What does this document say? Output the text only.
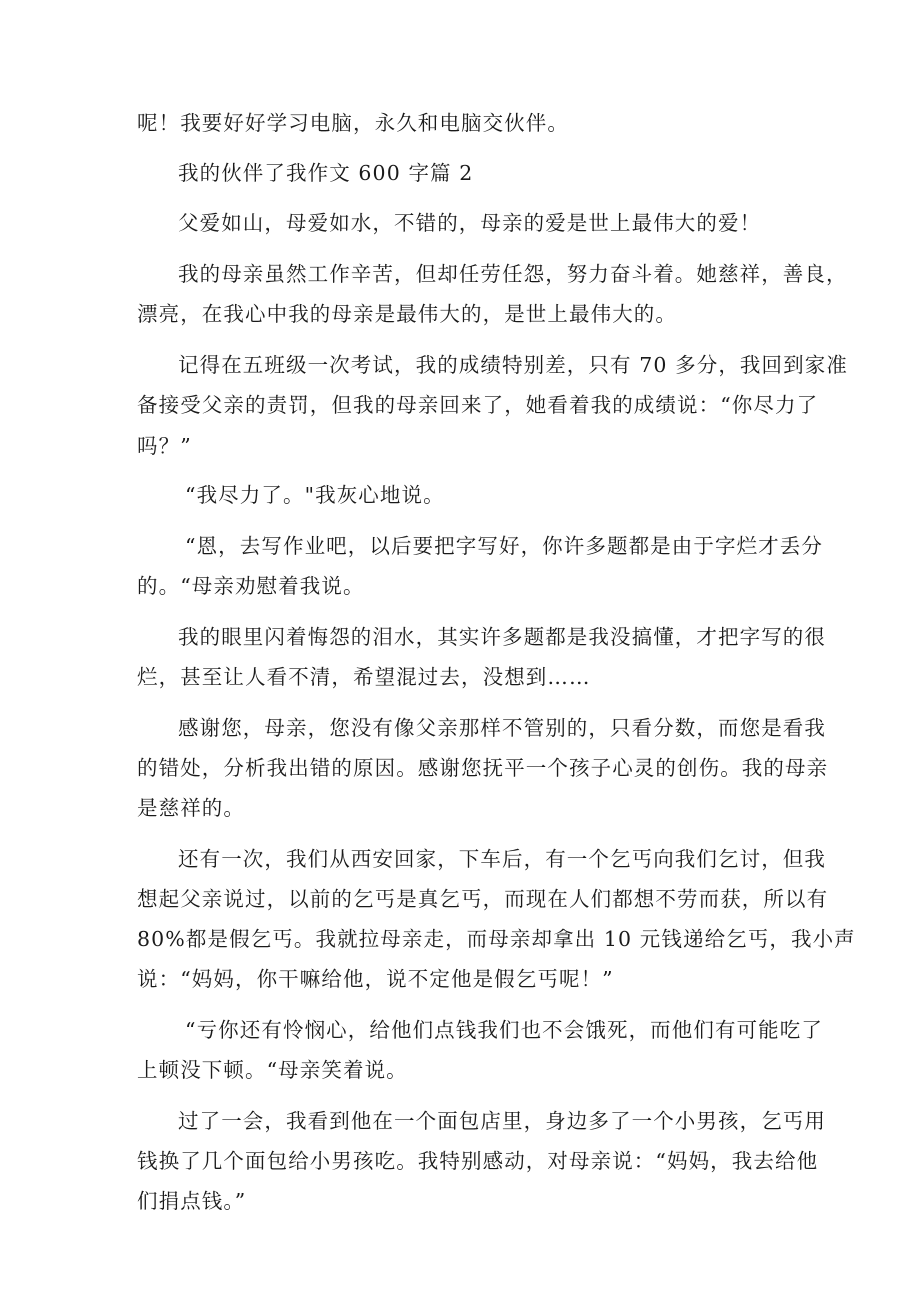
呢！我要好好学习电脑，永久和电脑交伙伴。
我的伙伴了我作文 600 字篇 2
父爱如山，母爱如水，不错的，母亲的爱是世上最伟大的爱！
我的母亲虽然工作辛苦，但却任劳任怨，努力奋斗着。她慈祥，善良，
漂亮，在我心中我的母亲是最伟大的，是世上最伟大的。
记得在五班级一次考试，我的成绩特别差，只有 70 多分，我回到家准
备接受父亲的责罚，但我的母亲回来了，她看着我的成绩说：“你尽力了
吗？”
“我尽力了。"我灰心地说。
“恩，去写作业吧，以后要把字写好，你许多题都是由于字烂才丢分
的。“母亲劝慰着我说。
我的眼里闪着悔怨的泪水，其实许多题都是我没搞懂，才把字写的很
烂，甚至让人看不清，希望混过去，没想到……
感谢您，母亲，您没有像父亲那样不管别的，只看分数，而您是看我
的错处，分析我出错的原因。感谢您抚平一个孩子心灵的创伤。我的母亲
是慈祥的。
还有一次，我们从西安回家，下车后，有一个乞丐向我们乞讨，但我
想起父亲说过，以前的乞丐是真乞丐，而现在人们都想不劳而获，所以有
80%都是假乞丐。我就拉母亲走，而母亲却拿出 10 元钱递给乞丐，我小声
说：“妈妈，你干嘛给他，说不定他是假乞丐呢！”
“亏你还有怜悯心，给他们点钱我们也不会饿死，而他们有可能吃了
上顿没下顿。“母亲笑着说。
过了一会，我看到他在一个面包店里，身边多了一个小男孩，乞丐用
钱换了几个面包给小男孩吃。我特别感动，对母亲说：“妈妈，我去给他
们捐点钱。”
